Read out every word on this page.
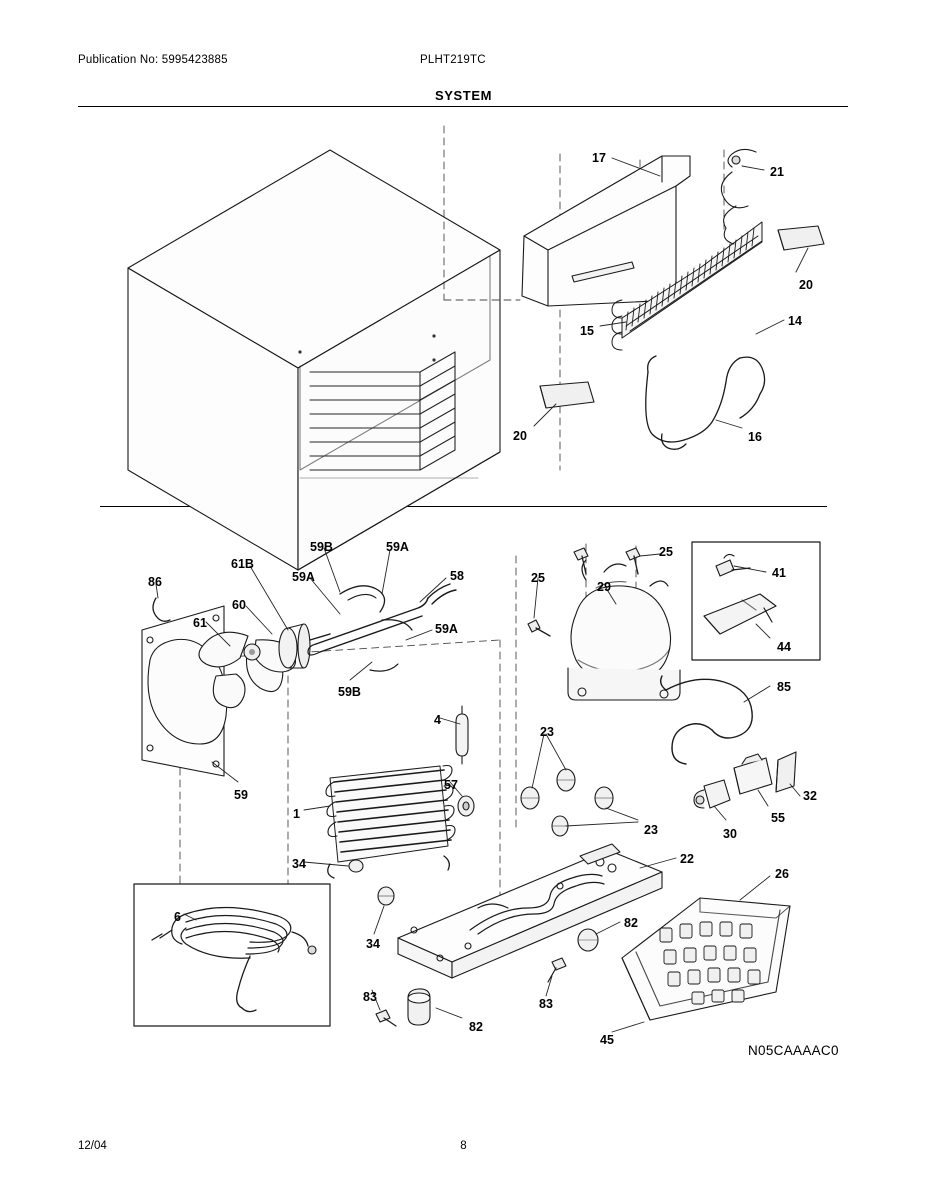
Publication No: 5995423885	PLHT219TC
SYSTEM
17
21
20
15
14
20	16
86
61B
59B	59A
59A	58
61
60
59A
59B
59
25
25
29
41
44
85
4
23
23
57
1
30
55
32
34
34
22
82
26
6
83
82
83
45
N05CAAAAC0
12/04	8
